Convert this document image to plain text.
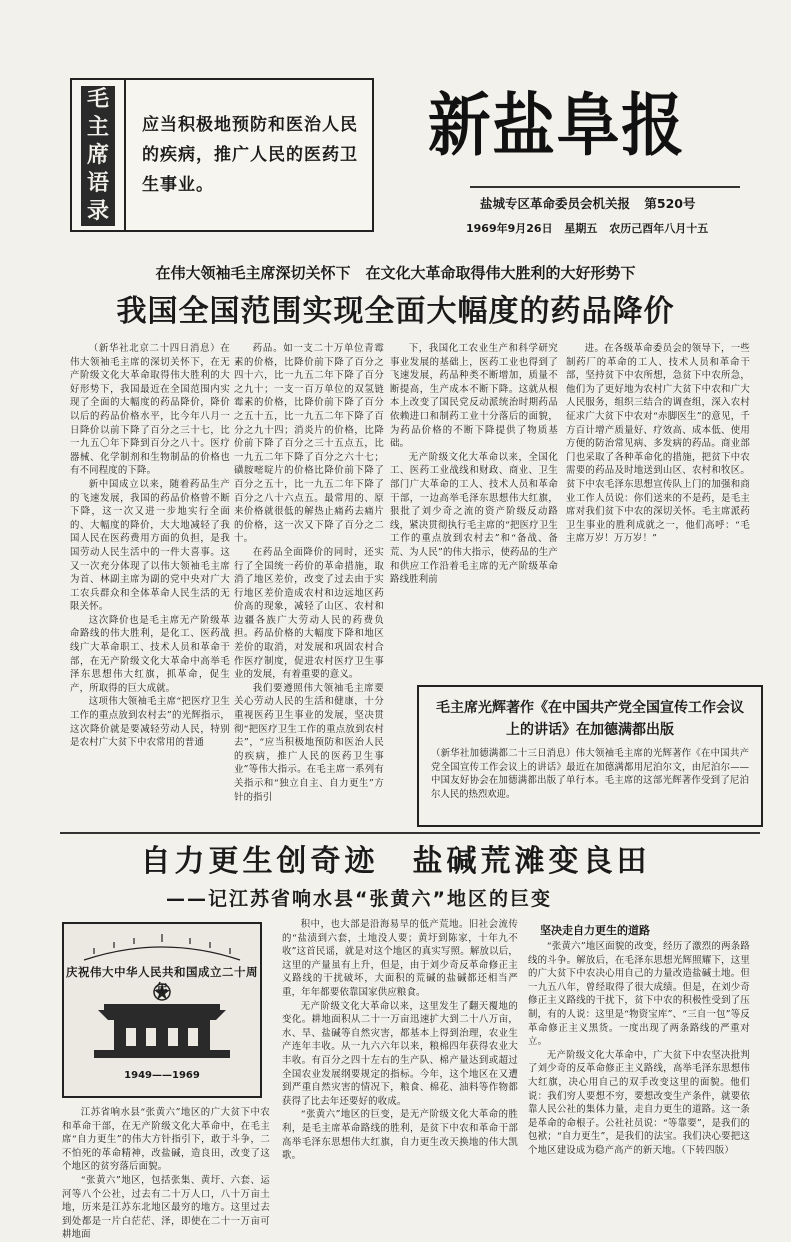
毛
主
席
语
录
应当积极地预防和医治人民的疾病，推广人民的医药卫生事业。
新盐阜报
盐城专区革命委员会机关报 第520号
1969年9月26日 星期五 农历己酉年八月十五
在伟大领袖毛主席深切关怀下　在文化大革命取得伟大胜利的大好形势下
我国全国范围实现全面大幅度的药品降价

（新华社北京二十四日消息）在伟大领袖毛主席的深切关怀下，在无产阶级文化大革命取得伟大胜利的大好形势下，我国最近在全国范围内实现了全面的大幅度的药品降价，降价以后的药品价格水平，比今年八月一日降价以前下降了百分之三十七，比一九五〇年下降到百分之八十。医疗器械、化学制剂和生物制品的价格也有不同程度的下降。

新中国成立以来，随着药品生产的飞速发展，我国的药品价格曾不断下降，这一次又进一步地实行全面的、大幅度的降价，大大地减轻了我国人民在医药费用方面的负担，是我国劳动人民生活中的一件大喜事。这又一次充分体现了以伟大领袖毛主席为首、林副主席为副的党中央对广大工农兵群众和全体革命人民生活的无限关怀。

这次降价也是毛主席无产阶级革命路线的伟大胜利，是化工、医药战线广大革命职工、技术人员和革命干部，在无产阶级文化大革命中高举毛泽东思想伟大红旗，抓革命，促生产，所取得的巨大成就。

这项伟大领袖毛主席“把医疗卫生工作的重点放到农村去”的光辉指示，这次降价就是要减轻劳动人民，特别是农村广大贫下中农常用的普通

药品。如一支二十万单位青霉素的价格，比降价前下降了百分之四十六，比一九五二年下降了百分之九十；一支一百万单位的双氢链霉素的价格，比降价前下降了百分之五十五，比一九五二年下降了百分之九十四；消炎片的价格，比降价前下降了百分之三十五点五，比一九五二年下降了百分之六十七；磺胺嘧啶片的价格比降价前下降了百分之五十，比一九五二年下降了百分之八十六点五。最常用的、原来价格就很低的解热止痛药去痛片的价格，这一次又下降了百分之二十。

在药品全面降价的同时，还实行了全国统一药价的革命措施，取消了地区差价，改变了过去由于实行地区差价造成农村和边远地区药价高的现象，减轻了山区、农村和边疆各族广大劳动人民的药费负担。药品价格的大幅度下降和地区差价的取消，对发展和巩固农村合作医疗制度，促进农村医疗卫生事业的发展，有着重要的意义。

我们要遵照伟大领袖毛主席要关心劳动人民的生活和健康，十分重视医药卫生事业的发展，坚决贯彻“把医疗卫生工作的重点放到农村去”，“应当积极地预防和医治人民的疾病，推广人民的医药卫生事业”等伟大指示。在毛主席一系列有关指示和“独立自主、自力更生”方针的指引

下，我国化工农业生产和科学研究事业发展的基础上，医药工业也得到了飞速发展，药品种类不断增加，质量不断提高，生产成本不断下降。这就从根本上改变了国民党反动派统治时期药品依赖进口和制药工业十分落后的面貌，为药品价格的不断下降提供了物质基础。

无产阶级文化大革命以来，全国化工、医药工业战线和财政、商业、卫生部门广大革命的工人、技术人员和革命干部，一边高举毛泽东思想伟大红旗，狠批了刘少奇之流的资产阶级反动路线，紧决贯彻执行毛主席的“把医疗卫生工作的重点放到农村去”和“备战、备荒、为人民”的伟大指示，使药品的生产和供应工作沿着毛主席的无产阶级革命路线胜利前

进。在各级革命委员会的领导下，一些制药厂的革命的工人、技术人员和革命干部，坚持贫下中农所想，急贫下中农所急，他们为了更好地为农村广大贫下中农和广大人民服务，组织三结合的调查组，深入农村征求广大贫下中农对“赤脚医生”的意见，千方百计增产质量好、疗效高、成本低、使用方便的防治常见病、多发病的药品。商业部门也采取了各种革命化的措施，把贫下中农需要的药品及时地送到山区、农村和牧区。贫下中农毛泽东思想宣传队上门的加强和商业工作人员说：你们送来的不是药，是毛主席对我们贫下中农的深切关怀。毛主席派药卫生事业的胜利成就之一，他们高呼：“毛主席万岁！万万岁！”

毛主席光辉著作《在中国共产党全国宣传工作会议上的讲话》在加德满都出版
（新华社加德满都二十三日消息）伟大领袖毛主席的光辉著作《在中国共产党全国宣传工作会议上的讲话》最近在加德满都用尼泊尔文，由尼泊尔——中国友好协会在加德满都出版了单行本。毛主席的这部光辉著作受到了尼泊尔人民的热烈欢迎。
自力更生创奇迹　盐碱荒滩变良田
——记江苏省响水县“张黄六”地区的巨变
庆祝伟大中华人民共和国成立二十周年
1949——1969

江苏省响水县“张黄六”地区的广大贫下中农和革命干部，在无产阶级文化大革命中，在毛主席“自力更生”的伟大方针指引下，敢于斗争，二不怕死的革命精神，改盐碱，造良田，改变了这个地区的贫穷落后面貌。

“张黄六”地区，包括张集、黄圩、六套、运河等八个公社，过去有二十万人口，八十万亩土地，历来是江苏东北地区最穷的地方。这里过去到处都是一片白茫茫、泽，即使在二十一万亩可耕地面

积中，也大部是沿海易旱的低产荒地。旧社会流传的“盐渍到六套，土地没人要；黄圩到陈家，十年九不收”这首民谣，就是对这个地区的真实写照。解放以后，这里的产量虽有上升，但是，由于刘少奇反革命修正主义路线的干扰破坏，大面积的荒碱的盐碱都还相当严重，年年都要依靠国家供应粮食。

无产阶级文化大革命以来，这里发生了翻天覆地的变化。耕地面积从二十一万亩迅速扩大到二十八万亩，水、旱、盐碱等自然灾害，都基本上得到治理，农业生产连年丰收。从一九六六年以来，粮棉四年获得农业大丰收。有百分之四十左右的生产队、棉产量达到或超过全国农业发展纲要规定的指标。今年，这个地区在又遭到严重自然灾害的情况下，粮食、棉花、油料等作物都获得了比去年还要好的收成。

“张黄六”地区的巨变，是无产阶级文化大革命的胜利，是毛主席革命路线的胜利，是贫下中农和革命干部高举毛泽东思想伟大红旗，自力更生改天换地的伟大凯歌。

坚决走自力更生的道路

“张黄六”地区面貌的改变，经历了激烈的两条路线的斗争。解放后，在毛泽东思想光辉照耀下，这里的广大贫下中农决心用自己的力量改造盐碱土地。但一九五八年，曾经取得了很大成绩。但是，在刘少奇修正主义路线的干扰下，贫下中农的积极性受到了压制，有的人说：这里是“物资宝库”、“三自一包”等反革命修正主义黑货。一度出现了两条路线的严重对立。

无产阶级文化大革命中，广大贫下中农坚决批判了刘少奇的反革命修正主义路线，高举毛泽东思想伟大红旗，决心用自己的双手改变这里的面貌。他们说：我们穷人要想不穷，要想改变生产条件，就要依靠人民公社的集体力量，走自力更生的道路。这一条是革命的命根子。公社社员说：“等靠要”，是我们的包袱；“自力更生”，是我们的法宝。我们决心要把这个地区建设成为稳产高产的新天地。（下转四版）
